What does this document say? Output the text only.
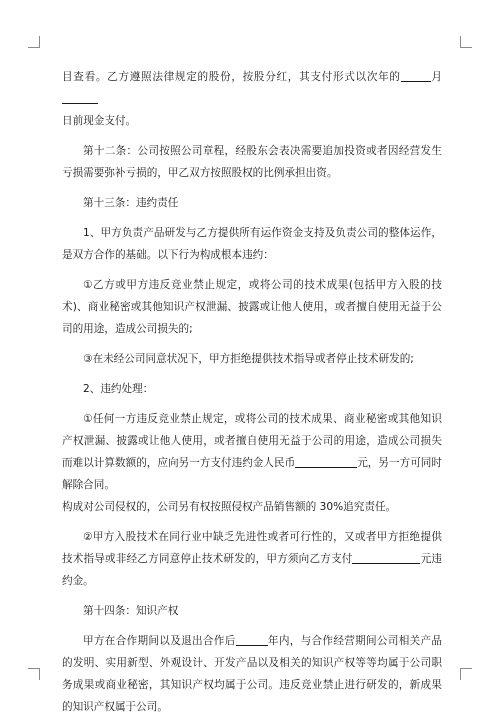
目查看。乙方遵照法律规定的股份，按股分红，其支付形式以次年的	月
日前现金支付。

第十二条：公司按照公司章程，经股东会表决需要追加投资或者因经营发生亏损需要弥补亏损的，甲乙双方按照股权的比例承担出资。

第十三条：违约责任

1、甲方负责产品研发与乙方提供所有运作资金支持及负责公司的整体运作，是双方合作的基础。以下行为构成根本违约：

①乙方或甲方违反竞业禁止规定，或将公司的技术成果(包括甲方入股的技术)、商业秘密或其他知识产权泄漏、披露或让他人使用，或者擅自使用无益于公司的用途，造成公司损失的;

③在未经公司同意状况下，甲方拒绝提供技术指导或者停止技术研发的;

2、违约处理：

①任何一方违反竞业禁止规定，或将公司的技术成果、商业秘密或其他知识产权泄漏、披露或让他人使用，或者擅自使用无益于公司的用途，造成公司损失而难以计算数额的，应向另一方支付违约金人民币	元，另一方可同时解除合同。

构成对公司侵权的，公司另有权按照侵权产品销售额的 30%追究责任。

②甲方入股技术在同行业中缺乏先进性或者可行性的，又或者甲方拒绝提供技术指导或非经乙方同意停止技术研发的，甲方须向乙方支付	元违约金。

第十四条：知识产权

甲方在合作期间以及退出合作后	年内，与合作经营期间公司相关产品的发明、实用新型、外观设计、开发产品以及相关的知识产权等等均属于公司职务成果或商业秘密，其知识产权均属于公司。违反竞业禁止进行研发的，新成果的知识产权属于公司。
